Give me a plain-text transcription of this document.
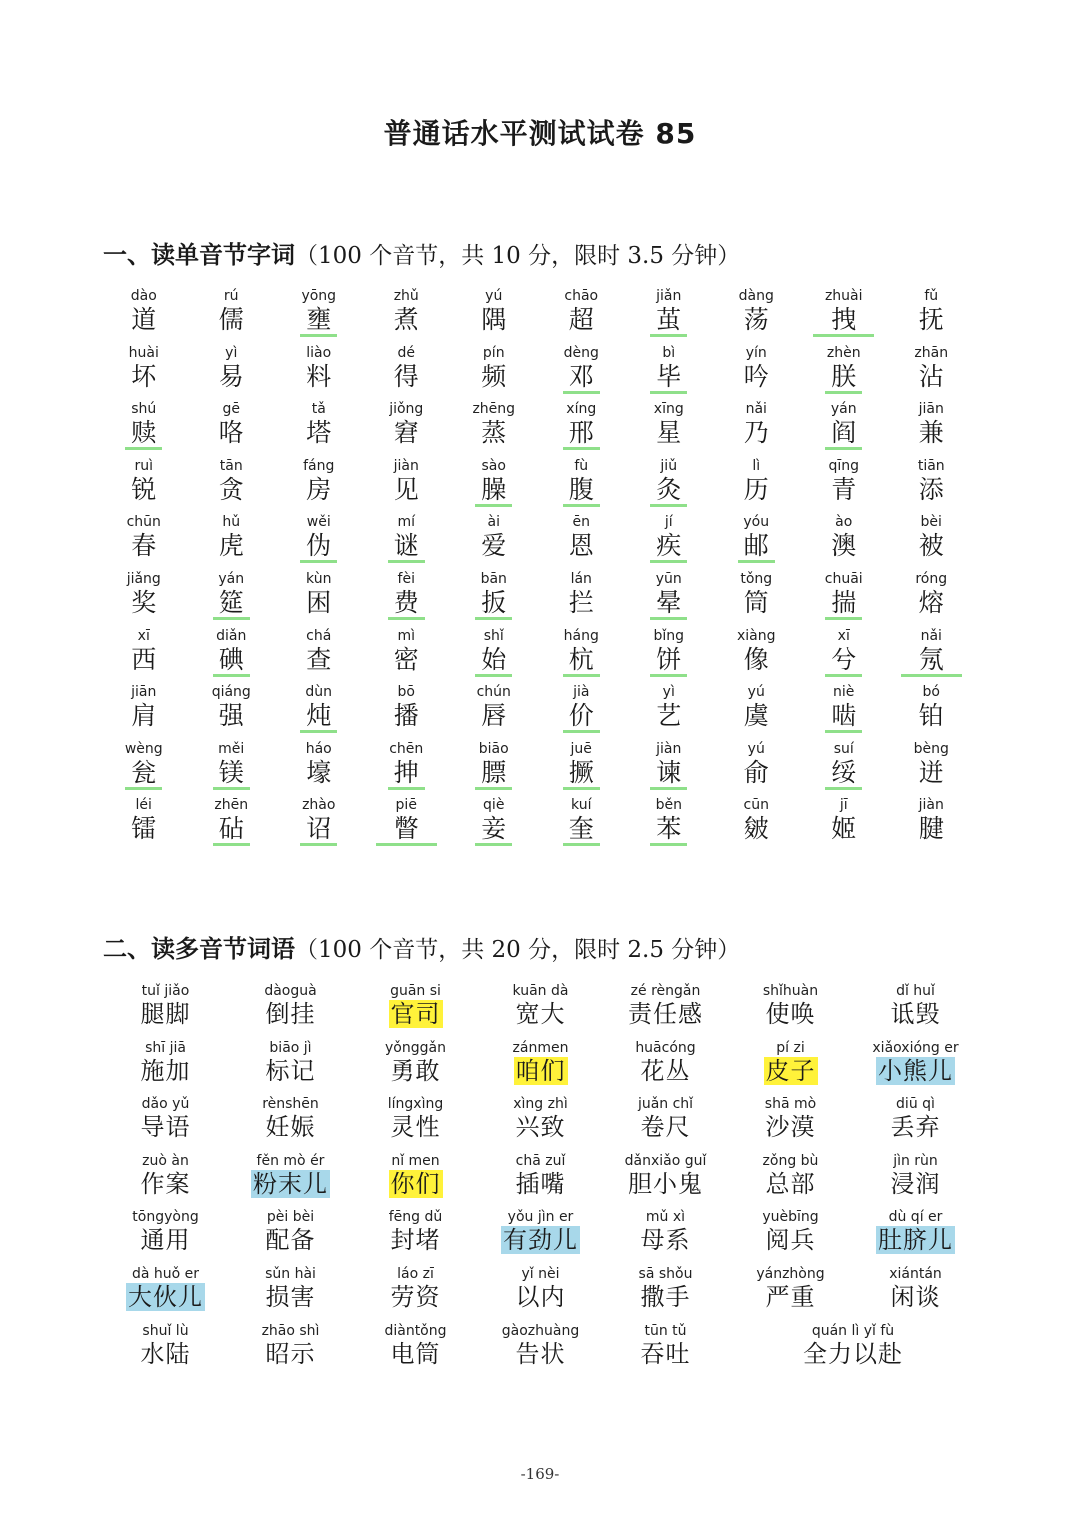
普通话水平测试试卷 85
一、读单音节字词（100 个音节，共 10 分，限时 3.5 分钟）
dào
道
rú
儒
yōng
壅
zhǔ
煮
yú
隅
chāo
超
jiǎn
茧
dàng
荡
zhuài
拽
fǔ
抚
huài
坏
yì
易
liào
料
dé
得
pín
频
dèng
邓
bì
毕
yín
吟
zhèn
朕
zhān
沾
shú
赎
gē
咯
tǎ
塔
jiǒng
窘
zhēng
蒸
xíng
邢
xīng
星
nǎi
乃
yán
阎
jiān
兼
ruì
锐
tān
贪
fáng
房
jiàn
见
sào
臊
fù
腹
jiǔ
灸
lì
历
qīng
青
tiān
添
chūn
春
hǔ
虎
wěi
伪
mí
谜
ài
爱
ēn
恩
jí
疾
yóu
邮
ào
澳
bèi
被
jiǎng
奖
yán
筵
kùn
困
fèi
费
bān
扳
lán
拦
yūn
晕
tǒng
筒
chuāi
揣
róng
熔
xī
西
diǎn
碘
chá
查
mì
密
shǐ
始
háng
杭
bǐng
饼
xiàng
像
xī
兮
nǎi
氖
jiān
肩
qiáng
强
dùn
炖
bō
播
chún
唇
jià
价
yì
艺
yú
虞
niè
啮
bó
铂
wèng
瓮
měi
镁
háo
壕
chēn
抻
biāo
膘
juē
撅
jiàn
谏
yú
俞
suí
绥
bèng
迸
léi
镭
zhēn
砧
zhào
诏
piē
瞥
qiè
妾
kuí
奎
běn
苯
cūn
皴
jī
姬
jiàn
腱
二、读多音节词语（100 个音节，共 20 分，限时 2.5 分钟）
tuǐ jiǎo
腿脚
dàoguà
倒挂
guān si
官司
kuān dà
宽大
zé rèngǎn
责任感
shǐhuàn
使唤
dǐ huǐ
诋毁
shī jiā
施加
biāo jì
标记
yǒnggǎn
勇敢
zánmen
咱们
huācóng
花丛
pí zi
皮子
xiǎoxióng er
小熊儿
dǎo yǔ
导语
rènshēn
妊娠
língxìng
灵性
xìng zhì
兴致
juǎn chǐ
卷尺
shā mò
沙漠
diū qì
丢弃
zuò àn
作案
fěn mò ér
粉末儿
nǐ men
你们
chā zuǐ
插嘴
dǎnxiǎo guǐ
胆小鬼
zǒng bù
总部
jìn rùn
浸润
tōngyòng
通用
pèi bèi
配备
fēng dǔ
封堵
yǒu jìn er
有劲儿
mǔ xì
母系
yuèbīng
阅兵
dù qí er
肚脐儿
dà huǒ er
大伙儿
sǔn hài
损害
láo zī
劳资
yǐ nèi
以内
sā shǒu
撒手
yánzhòng
严重
xiántán
闲谈
shuǐ lù
水陆
zhāo shì
昭示
diàntǒng
电筒
gàozhuàng
告状
tūn tǔ
吞吐
quán lì yǐ fù
全力以赴
-169-
